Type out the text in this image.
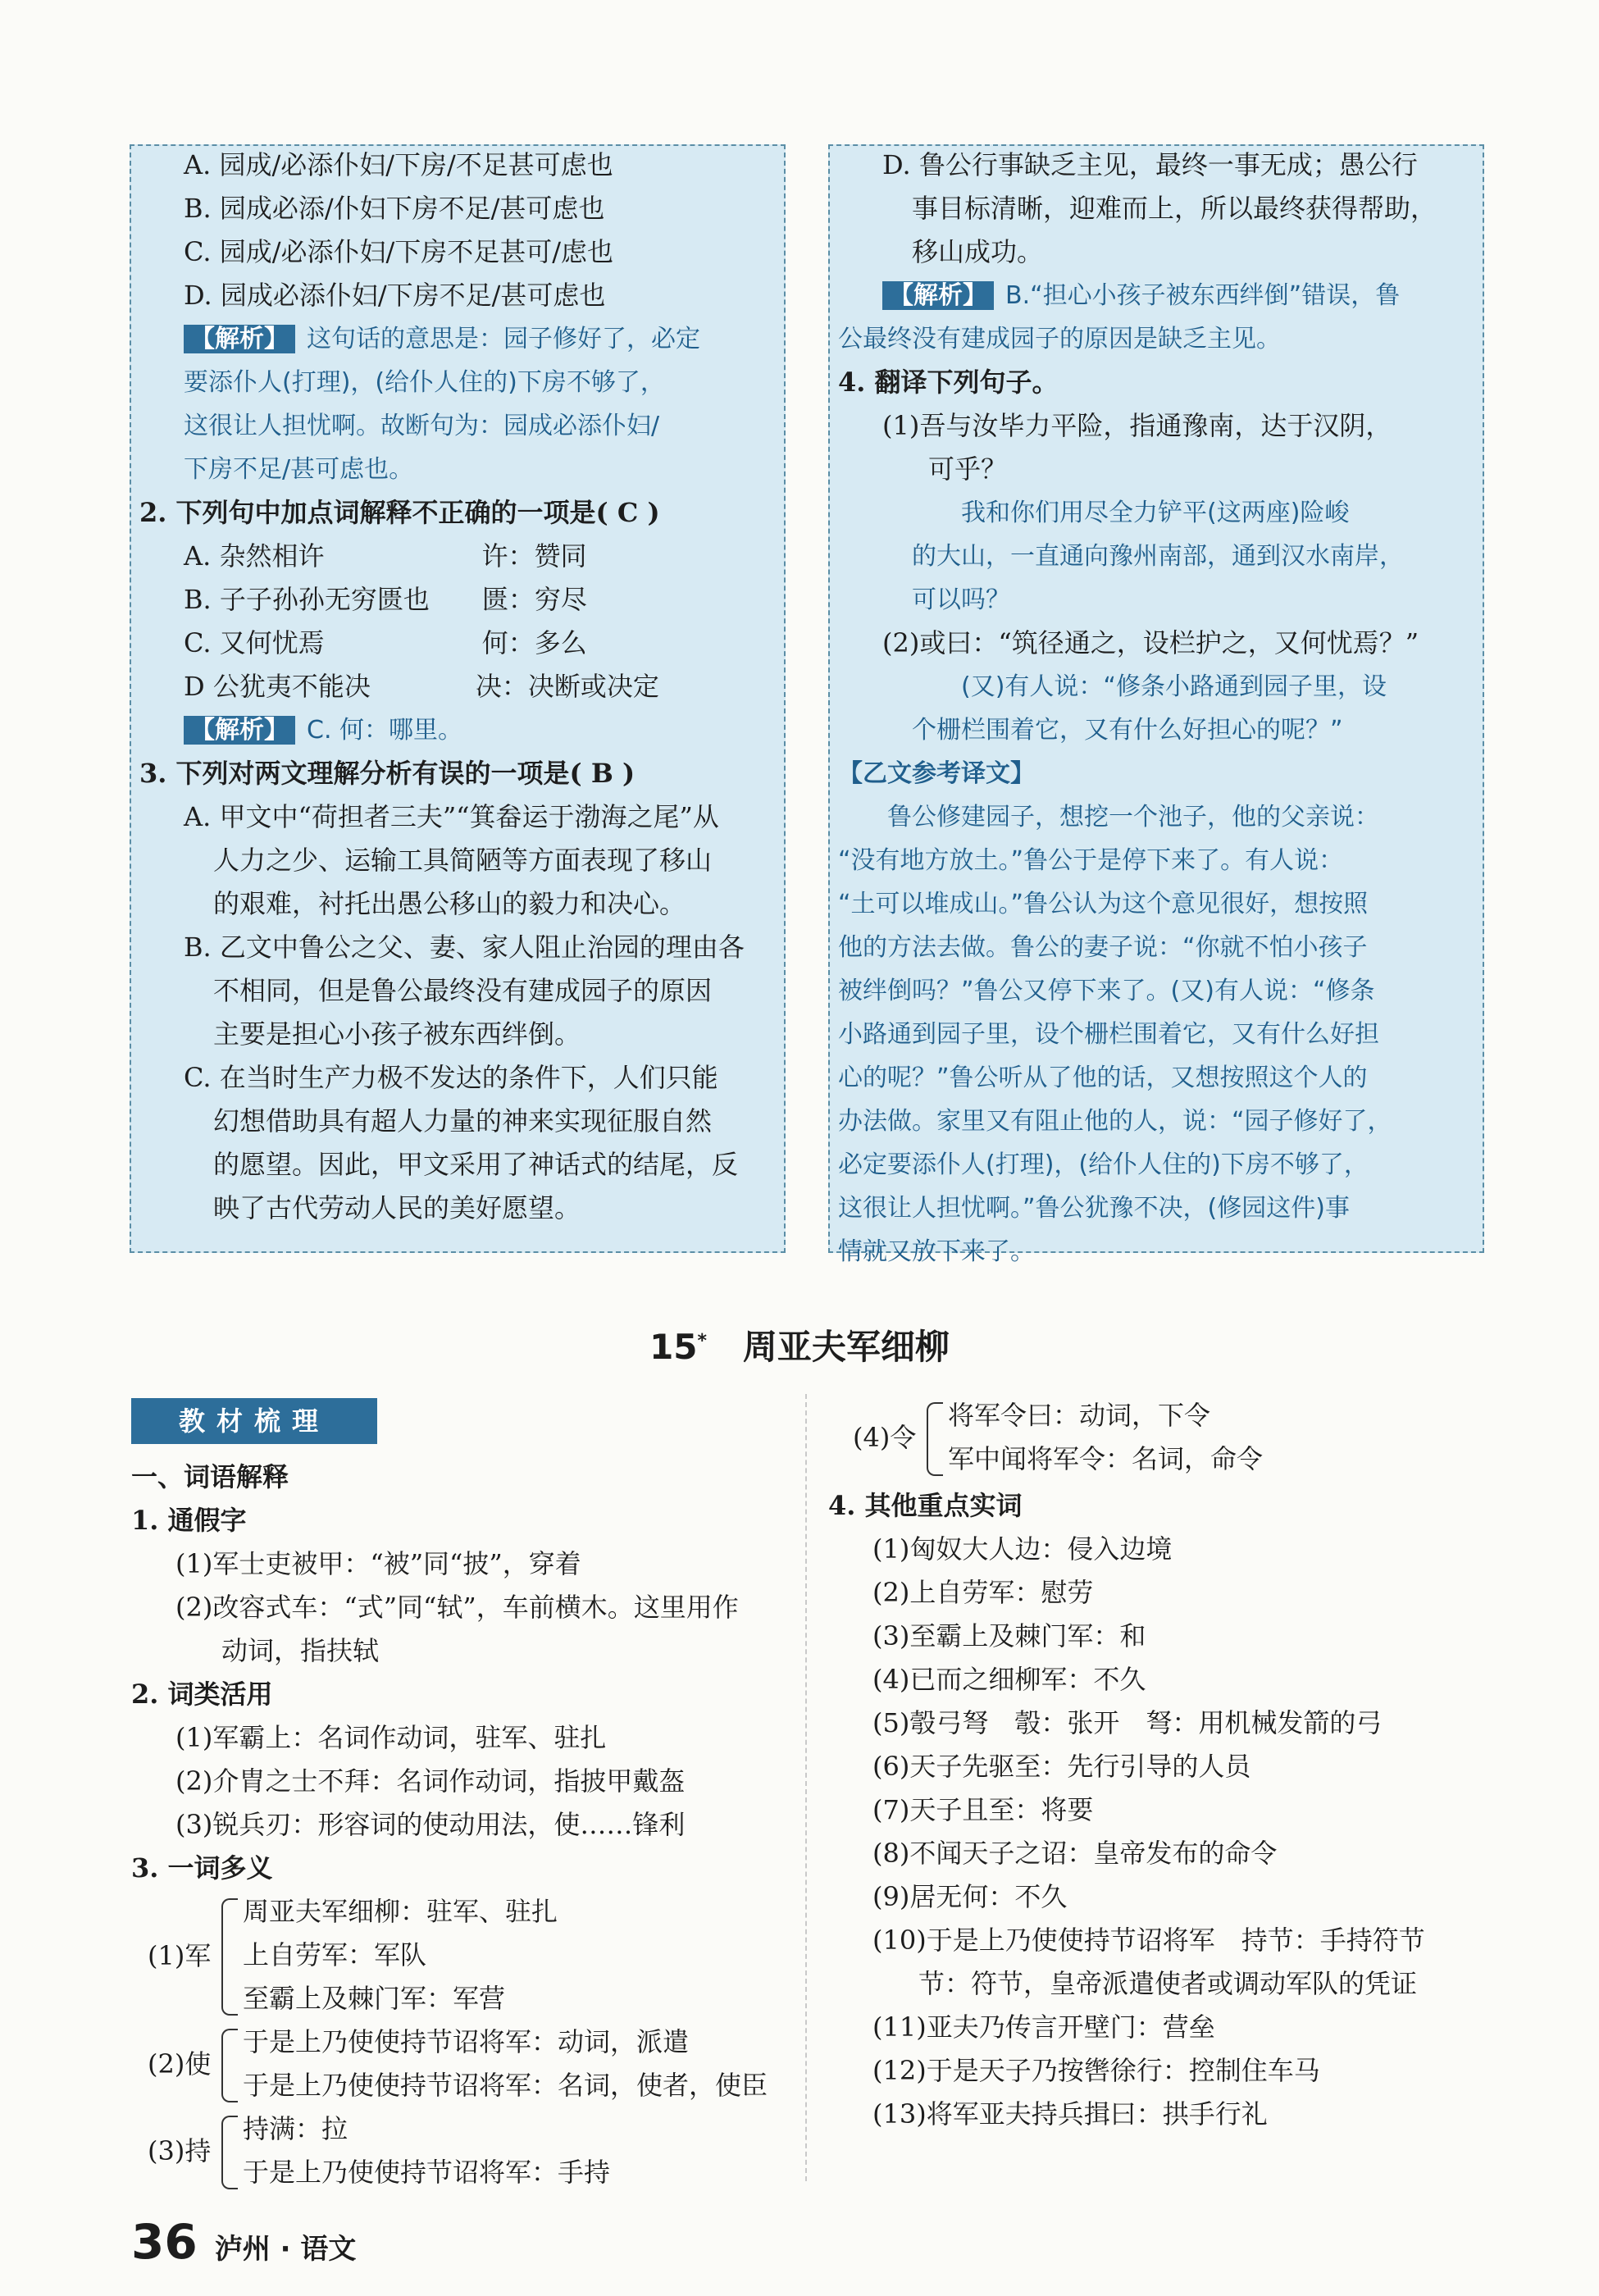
A. 园成/必添仆妇/下房/不足甚可虑也
B. 园成必添/仆妇下房不足/甚可虑也
C. 园成/必添仆妇/下房不足甚可/虑也
D. 园成必添仆妇/下房不足/甚可虑也
【解析】 这句话的意思是：园子修好了，必定
要添仆人(打理)，(给仆人住的)下房不够了，
这很让人担忧啊。故断句为：园成必添仆妇/
下房不足/甚可虑也。
2. 下列句中加点词解释不正确的一项是( C )
A. 杂然相许　　　　　　许：赞同
B. 子子孙孙无穷匮也　　匮：穷尽
C. 又何忧焉　　　　　　何：多么
D 公犹夷不能决　　　　决：决断或决定
【解析】 C. 何：哪里。
3. 下列对两文理解分析有误的一项是( B )
A. 甲文中“荷担者三夫”“箕畚运于渤海之尾”从
人力之少、运输工具简陋等方面表现了移山
的艰难，衬托出愚公移山的毅力和决心。
B. 乙文中鲁公之父、妻、家人阻止治园的理由各
不相同，但是鲁公最终没有建成园子的原因
主要是担心小孩子被东西绊倒。
C. 在当时生产力极不发达的条件下，人们只能
幻想借助具有超人力量的神来实现征服自然
的愿望。因此，甲文采用了神话式的结尾，反
映了古代劳动人民的美好愿望。
D. 鲁公行事缺乏主见，最终一事无成；愚公行
事目标清晰，迎难而上，所以最终获得帮助，
移山成功。
【解析】 B.“担心小孩子被东西绊倒”错误，鲁
公最终没有建成园子的原因是缺乏主见。
4. 翻译下列句子。
(1)吾与汝毕力平险，指通豫南，达于汉阴，
可乎？
　　我和你们用尽全力铲平(这两座)险峻
的大山，一直通向豫州南部，通到汉水南岸，
可以吗？
(2)或曰：“筑径通之，设栏护之，又何忧焉？”
　　(又)有人说：“修条小路通到园子里，设
个栅栏围着它，又有什么好担心的呢？”
【乙文参考译文】
　　鲁公修建园子，想挖一个池子，他的父亲说：
“没有地方放土。”鲁公于是停下来了。有人说：
“土可以堆成山。”鲁公认为这个意见很好，想按照
他的方法去做。鲁公的妻子说：“你就不怕小孩子
被绊倒吗？”鲁公又停下来了。(又)有人说：“修条
小路通到园子里，设个栅栏围着它，又有什么好担
心的呢？”鲁公听从了他的话，又想按照这个人的
办法做。家里又有阻止他的人，说：“园子修好了，
必定要添仆人(打理)，(给仆人住的)下房不够了，
这很让人担忧啊。”鲁公犹豫不决，(修园这件)事
情就又放下来了。
15* 周亚夫军细柳
教材梳理
一、词语解释
1. 通假字
(1)军士吏被甲：“被”同“披”，穿着
(2)改容式车：“式”同“轼”，车前横木。这里用作
动词，指扶轼
2. 词类活用
(1)军霸上：名词作动词，驻军、驻扎
(2)介胄之士不拜：名词作动词，指披甲戴盔
(3)锐兵刃：形容词的使动用法，使……锋利
3. 一词多义
(1)军
周亚夫军细柳：驻军、驻扎
上自劳军：军队
至霸上及棘门军：军营
(2)使
于是上乃使使持节诏将军：动词，派遣
于是上乃使使持节诏将军：名词，使者，使臣
(3)持
持满：拉
于是上乃使使持节诏将军：手持
(4)令
将军令曰：动词，下令
军中闻将军令：名词，命令
4. 其他重点实词
(1)匈奴大人边：侵入边境
(2)上自劳军：慰劳
(3)至霸上及棘门军：和
(4)已而之细柳军：不久
(5)彀弓弩　彀：张开　弩：用机械发箭的弓
(6)天子先驱至：先行引导的人员
(7)天子且至：将要
(8)不闻天子之诏：皇帝发布的命令
(9)居无何：不久
(10)于是上乃使使持节诏将军　持节：手持符节
节：符节，皇帝派遣使者或调动军队的凭证
(11)亚夫乃传言开壁门：营垒
(12)于是天子乃按辔徐行：控制住车马
(13)将军亚夫持兵揖曰：拱手行礼
36 泸州 · 语文
